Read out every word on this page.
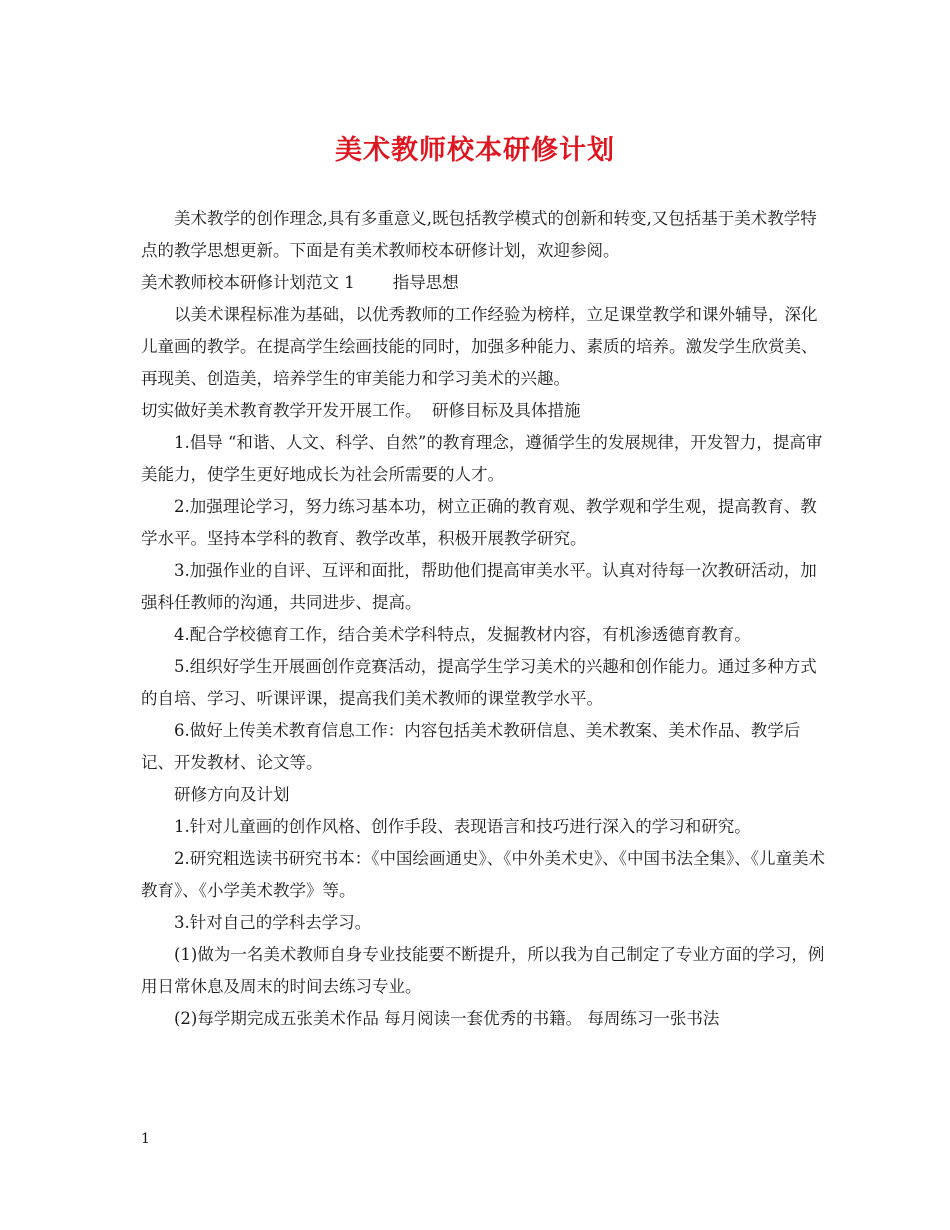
美术教师校本研修计划

美术教学的创作理念,具有多重意义,既包括教学模式的创新和转变,又包括基于美术教学特点的教学思想更新。下面是有美术教师校本研修计划，欢迎参阅。

美术教师校本研修计划范文 1 指导思想

以美术课程标准为基础，以优秀教师的工作经验为榜样，立足课堂教学和课外辅导，深化儿童画的教学。在提高学生绘画技能的同时，加强多种能力、素质的培养。激发学生欣赏美、再现美、创造美，培养学生的审美能力和学习美术的兴趣。

切实做好美术教育教学开发开展工作。 研修目标及具体措施

1.倡导 “和谐、人文、科学、自然”的教育理念，遵循学生的发展规律，开发智力，提高审美能力，使学生更好地成长为社会所需要的人才。

2.加强理论学习，努力练习基本功，树立正确的教育观、教学观和学生观，提高教育、教学水平。坚持本学科的教育、教学改革，积极开展教学研究。

3.加强作业的自评、互评和面批，帮助他们提高审美水平。认真对待每一次教研活动，加强科任教师的沟通，共同进步、提高。

4.配合学校德育工作，结合美术学科特点，发掘教材内容，有机渗透德育教育。

5.组织好学生开展画创作竞赛活动，提高学生学习美术的兴趣和创作能力。通过多种方式的自培、学习、听课评课，提高我们美术教师的课堂教学水平。

6.做好上传美术教育信息工作：内容包括美术教研信息、美术教案、美术作品、教学后记、开发教材、论文等。

研修方向及计划

1.针对儿童画的创作风格、创作手段、表现语言和技巧进行深入的学习和研究。

2.研究粗选读书研究书本：《中国绘画通史》、《中外美术史》、《中国书法全集》、《儿童美术教育》、《小学美术教学》等。

3.针对自己的学科去学习。

(1)做为一名美术教师自身专业技能要不断提升，所以我为自己制定了专业方面的学习，例用日常休息及周末的时间去练习专业。

(2)每学期完成五张美术作品 每月阅读一套优秀的书籍。 每周练习一张书法

1
